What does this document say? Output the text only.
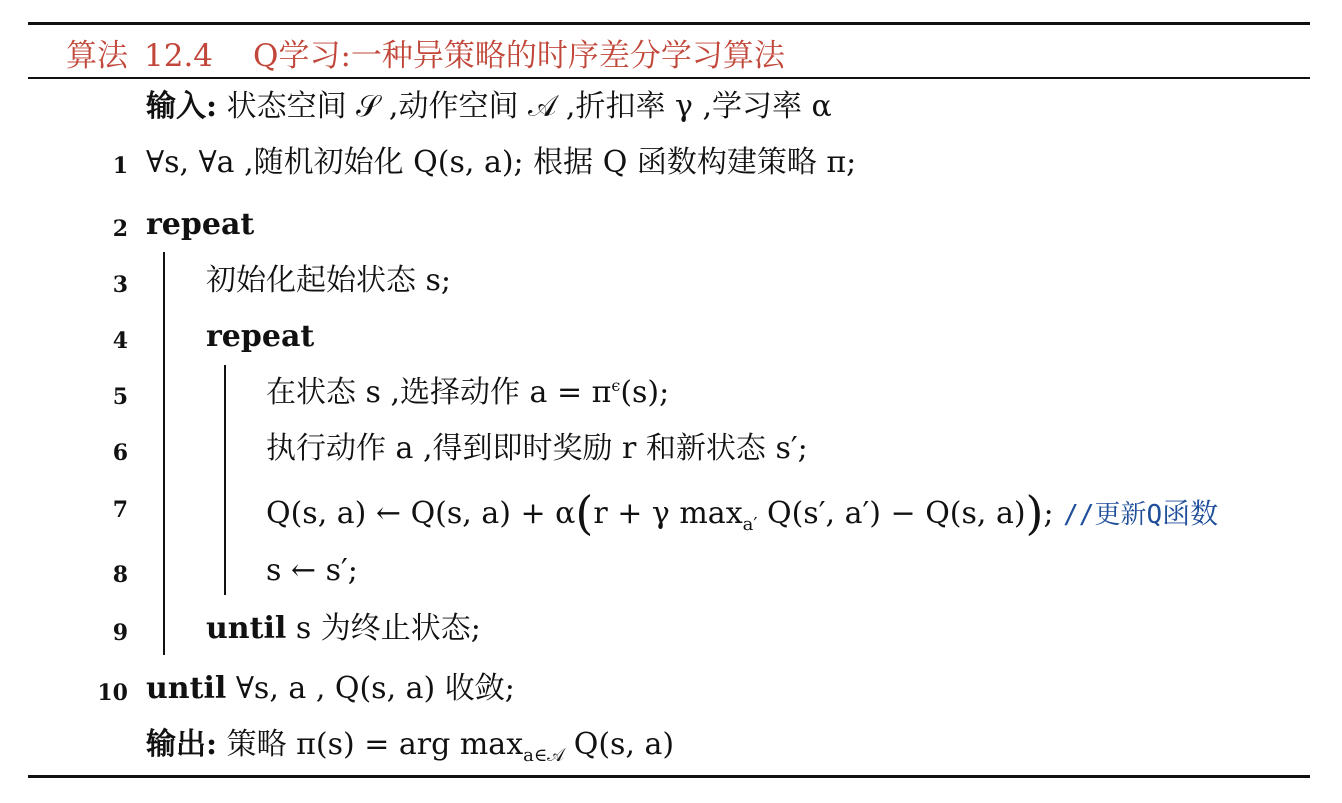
算法 12.4 Q学习:一种异策略的时序差分学习算法
输入: 状态空间 𝒮 ,动作空间 𝒜 ,折扣率 γ ,学习率 α
1 ∀s, ∀a ,随机初始化 Q(s, a); 根据 Q 函数构建策略 π;
2 repeat
3	初始化起始状态 s;
4	repeat
5	在状态 s ,选择动作 $a = \pi^\epsilon(s)$;
6	执行动作 a ,得到即时奖励 r 和新状态 s′;
7	Q(s, a) ← Q(s, a) + α(r + γ $\max_{a'} Q(s'$, a′) − Q(s, a)); //更新Q函数
8	s ← s′;
9	until s 为终止状态;
10 until ∀s, a , Q(s, a) 收敛;
输出: 策略 π(s) = arg $\max_{a\in 𝒜} Q(s$, a)
